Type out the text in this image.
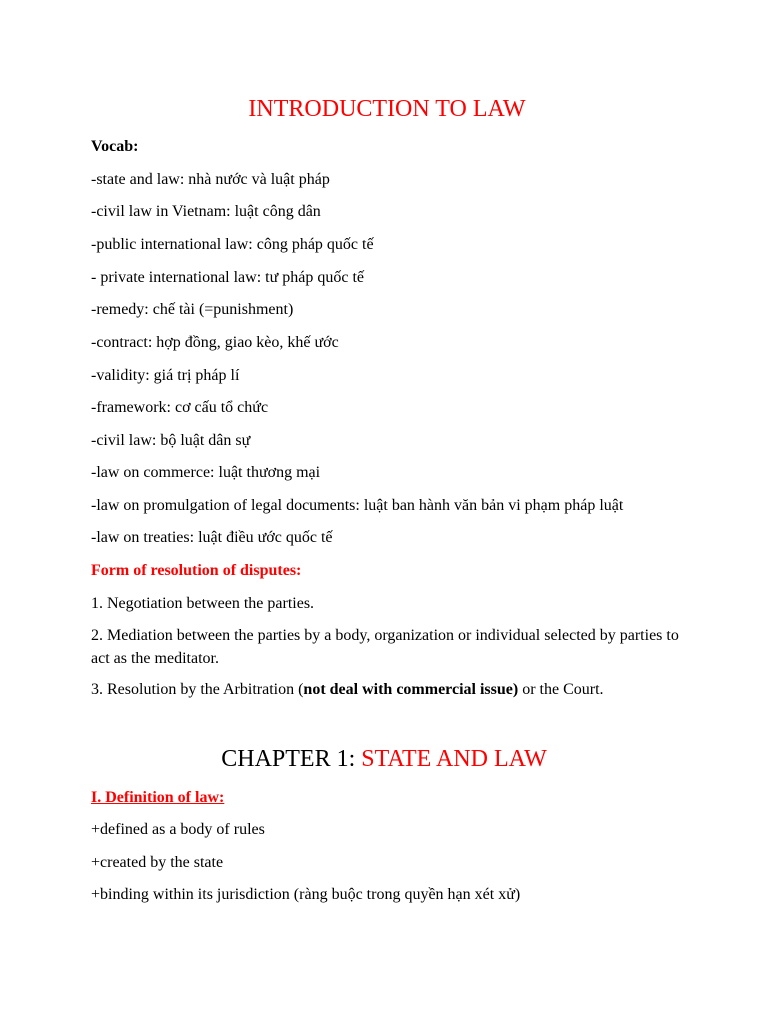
INTRODUCTION TO LAW
Vocab:
-state and law: nhà nước và luật pháp
-civil law in Vietnam: luật công dân
-public international law: công pháp quốc tế
- private international law: tư pháp quốc tế
-remedy: chế tài (=punishment)
-contract: hợp đồng, giao kèo, khế ước
-validity: giá trị pháp lí
-framework: cơ cấu tổ chức
-civil law: bộ luật dân sự
-law on commerce: luật thương mại
-law on promulgation of legal documents: luật ban hành văn bản vi phạm pháp luật
-law on treaties: luật điều ước quốc tế
Form of resolution of disputes:
1. Negotiation between the parties.
2. Mediation between the parties by a body, organization or individual selected by parties to act as the meditator.
3. Resolution by the Arbitration (not deal with commercial issue) or the Court.
CHAPTER 1: STATE AND LAW
I. Definition of law:
+defined as a body of rules
+created by the state
+binding within its jurisdiction (ràng buộc trong quyền hạn xét xử)
